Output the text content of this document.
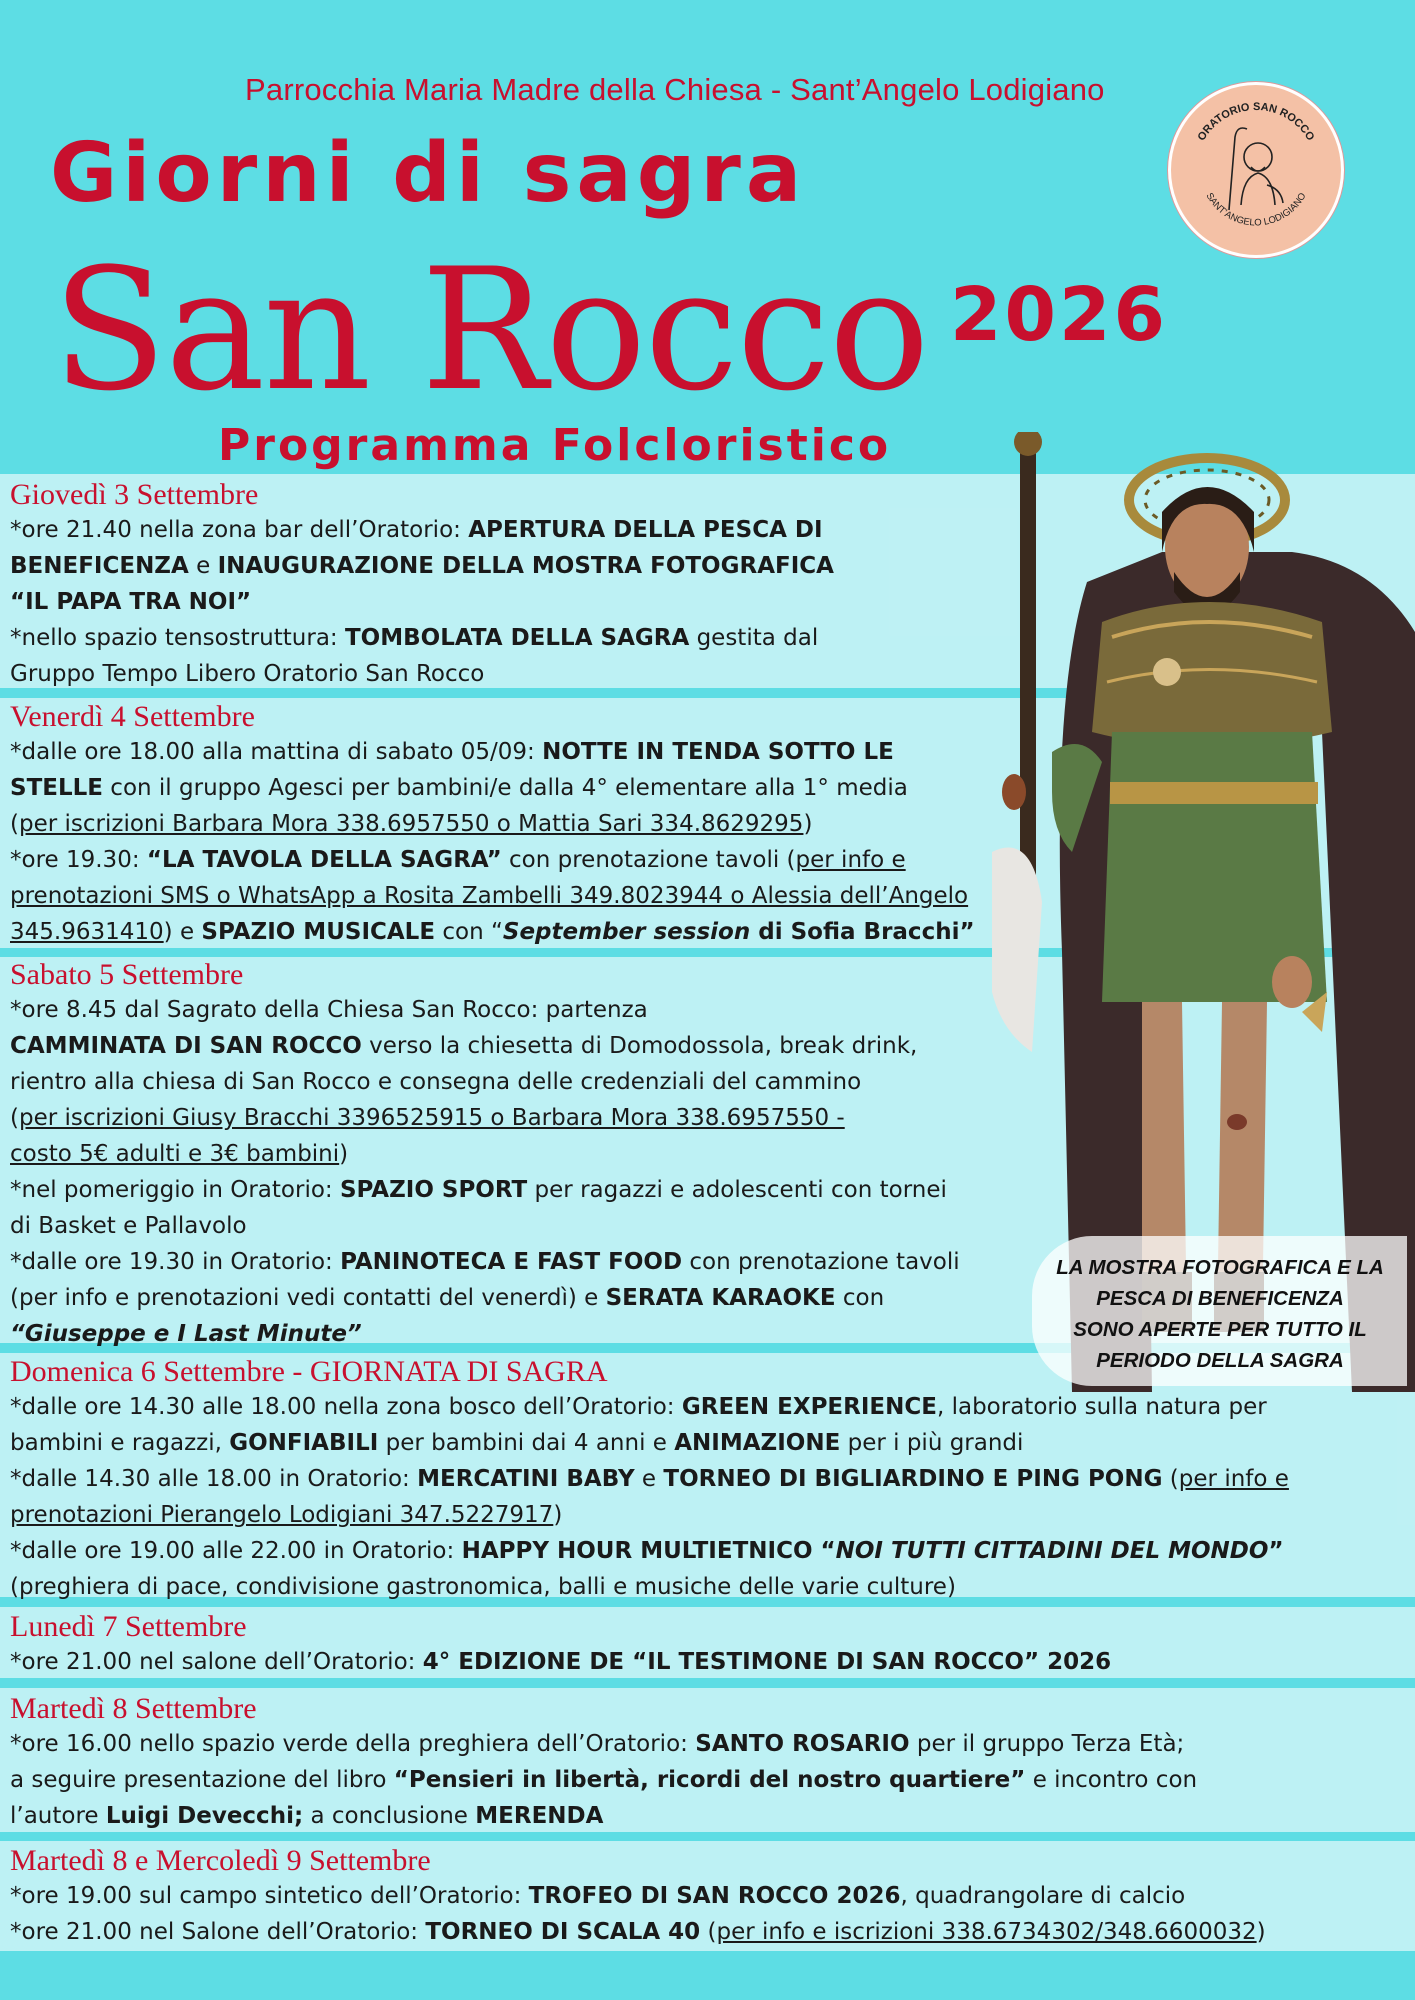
Parrocchia Maria Madre della Chiesa - Sant’Angelo Lodigiano
Giorni di sagra
San Rocco 2026
Programma Folcloristico
ORATORIO SAN ROCCO
SANT’ANGELO LODIGIANO
LA MOSTRA FOTOGRAFICA E LA
PESCA DI BENEFICENZA
SONO APERTE PER TUTTO IL
PERIODO DELLA SAGRA
Giovedì 3 Settembre
*ore 21.40 nella zona bar dell’Oratorio: APERTURA DELLA PESCA DI
BENEFICENZA e INAUGURAZIONE DELLA MOSTRA FOTOGRAFICA
“IL PAPA TRA NOI”
*nello spazio tensostruttura: TOMBOLATA DELLA SAGRA gestita dal
Gruppo Tempo Libero Oratorio San Rocco
Venerdì 4 Settembre
*dalle ore 18.00 alla mattina di sabato 05/09: NOTTE IN TENDA SOTTO LE
STELLE con il gruppo Agesci per bambini/e dalla 4° elementare alla 1° media
(per iscrizioni Barbara Mora 338.6957550 o Mattia Sari 334.8629295)
*ore 19.30: “LA TAVOLA DELLA SAGRA” con prenotazione tavoli (per info e
prenotazioni SMS o WhatsApp a Rosita Zambelli 349.8023944 o Alessia dell’Angelo
345.9631410) e SPAZIO MUSICALE con “September session di Sofia Bracchi”
Sabato 5 Settembre
*ore 8.45 dal Sagrato della Chiesa San Rocco: partenza
CAMMINATA DI SAN ROCCO verso la chiesetta di Domodossola, break drink,
rientro alla chiesa di San Rocco e consegna delle credenziali del cammino
(per iscrizioni Giusy Bracchi 3396525915 o Barbara Mora 338.6957550 -
costo 5€ adulti e 3€ bambini)
*nel pomeriggio in Oratorio: SPAZIO SPORT per ragazzi e adolescenti con tornei
di Basket e Pallavolo
*dalle ore 19.30 in Oratorio: PANINOTECA E FAST FOOD con prenotazione tavoli
(per info e prenotazioni vedi contatti del venerdì) e SERATA KARAOKE con
“Giuseppe e I Last Minute”
Domenica 6 Settembre - GIORNATA DI SAGRA
*dalle ore 14.30 alle 18.00 nella zona bosco dell’Oratorio: GREEN EXPERIENCE, laboratorio sulla natura per
bambini e ragazzi, GONFIABILI per bambini dai 4 anni e ANIMAZIONE per i più grandi
*dalle 14.30 alle 18.00 in Oratorio: MERCATINI BABY e TORNEO DI BIGLIARDINO E PING PONG (per info e
prenotazioni Pierangelo Lodigiani 347.5227917)
*dalle ore 19.00 alle 22.00 in Oratorio: HAPPY HOUR MULTIETNICO “NOI TUTTI CITTADINI DEL MONDO”
(preghiera di pace, condivisione gastronomica, balli e musiche delle varie culture)
Lunedì 7 Settembre
*ore 21.00 nel salone dell’Oratorio: 4° EDIZIONE DE “IL TESTIMONE DI SAN ROCCO” 2026
Martedì 8 Settembre
*ore 16.00 nello spazio verde della preghiera dell’Oratorio: SANTO ROSARIO per il gruppo Terza Età;
a seguire presentazione del libro “Pensieri in libertà, ricordi del nostro quartiere” e incontro con
l’autore Luigi Devecchi; a conclusione MERENDA
Martedì 8 e Mercoledì 9 Settembre
*ore 19.00 sul campo sintetico dell’Oratorio: TROFEO DI SAN ROCCO 2026, quadrangolare di calcio
*ore 21.00 nel Salone dell’Oratorio: TORNEO DI SCALA 40 (per info e iscrizioni 338.6734302/348.6600032)
